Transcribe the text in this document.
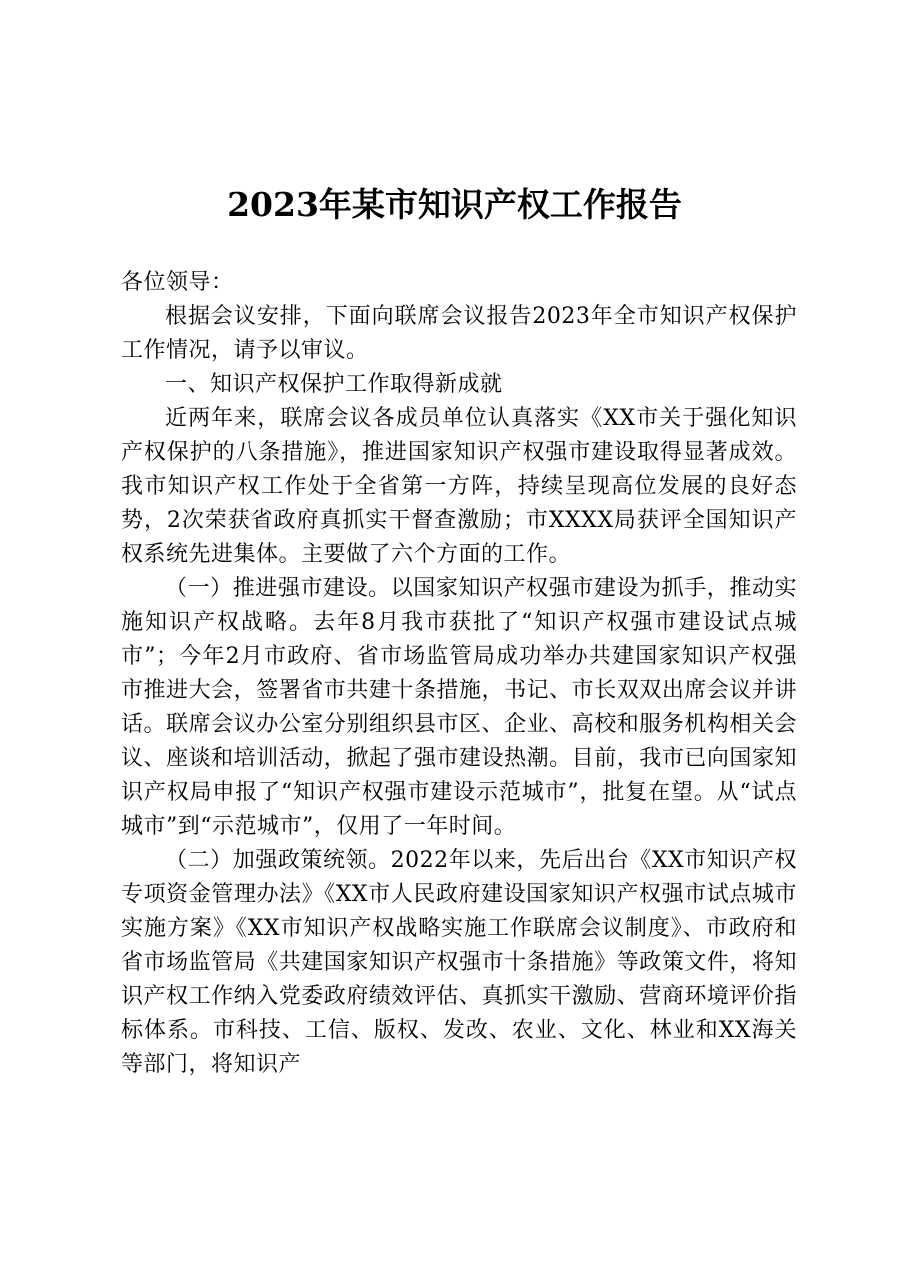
2023年某市知识产权工作报告

各位领导：

根据会议安排，下面向联席会议报告2023年全市知识产权保护工作情况，请予以审议。

一、知识产权保护工作取得新成就

近两年来，联席会议各成员单位认真落实《XX市关于强化知识产权保护的八条措施》，推进国家知识产权强市建设取得显著成效。我市知识产权工作处于全省第一方阵，持续呈现高位发展的良好态势，2次荣获省政府真抓实干督查激励；市XXXX局获评全国知识产权系统先进集体。主要做了六个方面的工作。

（一）推进强市建设。以国家知识产权强市建设为抓手，推动实施知识产权战略。去年8月我市获批了“知识产权强市建设试点城市”；今年2月市政府、省市场监管局成功举办共建国家知识产权强市推进大会，签署省市共建十条措施，书记、市长双双出席会议并讲话。联席会议办公室分别组织县市区、企业、高校和服务机构相关会议、座谈和培训活动，掀起了强市建设热潮。目前，我市已向国家知识产权局申报了“知识产权强市建设示范城市”，批复在望。从“试点城市”到“示范城市”，仅用了一年时间。

（二）加强政策统领。2022年以来，先后出台《XX市知识产权专项资金管理办法》《XX市人民政府建设国家知识产权强市试点城市实施方案》《XX市知识产权战略实施工作联席会议制度》、市政府和省市场监管局《共建国家知识产权强市十条措施》等政策文件，将知识产权工作纳入党委政府绩效评估、真抓实干激励、营商环境评价指标体系。市科技、工信、版权、发改、农业、文化、林业和XX海关等部门，将知识产
